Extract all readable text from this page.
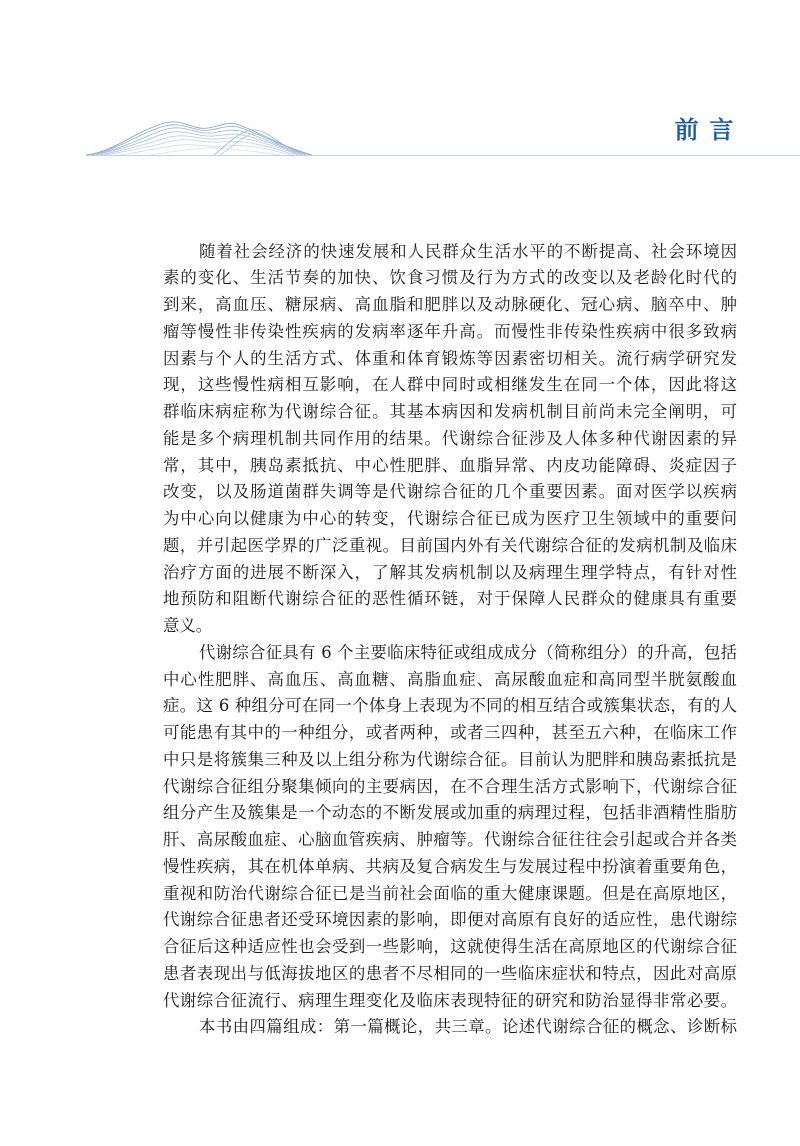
前言
随着社会经济的快速发展和人民群众生活水平的不断提高、社会环境因
素的变化、生活节奏的加快、饮食习惯及行为方式的改变以及老龄化时代的
到来，高血压、糖尿病、高血脂和肥胖以及动脉硬化、冠心病、脑卒中、肿
瘤等慢性非传染性疾病的发病率逐年升高。而慢性非传染性疾病中很多致病
因素与个人的生活方式、体重和体育锻炼等因素密切相关。流行病学研究发
现，这些慢性病相互影响，在人群中同时或相继发生在同一个体，因此将这
群临床病症称为代谢综合征。其基本病因和发病机制目前尚未完全阐明，可
能是多个病理机制共同作用的结果。代谢综合征涉及人体多种代谢因素的异
常，其中，胰岛素抵抗、中心性肥胖、血脂异常、内皮功能障碍、炎症因子
改变，以及肠道菌群失调等是代谢综合征的几个重要因素。面对医学以疾病
为中心向以健康为中心的转变，代谢综合征已成为医疗卫生领域中的重要问
题，并引起医学界的广泛重视。目前国内外有关代谢综合征的发病机制及临床
治疗方面的进展不断深入，了解其发病机制以及病理生理学特点，有针对性
地预防和阻断代谢综合征的恶性循环链，对于保障人民群众的健康具有重要
意义。
代谢综合征具有 6 个主要临床特征或组成成分（简称组分）的升高，包括
中心性肥胖、高血压、高血糖、高脂血症、高尿酸血症和高同型半胱氨酸血
症。这 6 种组分可在同一个体身上表现为不同的相互结合或簇集状态，有的人
可能患有其中的一种组分，或者两种，或者三四种，甚至五六种，在临床工作
中只是将簇集三种及以上组分称为代谢综合征。目前认为肥胖和胰岛素抵抗是
代谢综合征组分聚集倾向的主要病因，在不合理生活方式影响下，代谢综合征
组分产生及簇集是一个动态的不断发展或加重的病理过程，包括非酒精性脂肪
肝、高尿酸血症、心脑血管疾病、肿瘤等。代谢综合征往往会引起或合并各类
慢性疾病，其在机体单病、共病及复合病发生与发展过程中扮演着重要角色，
重视和防治代谢综合征已是当前社会面临的重大健康课题。但是在高原地区，
代谢综合征患者还受环境因素的影响，即便对高原有良好的适应性，患代谢综
合征后这种适应性也会受到一些影响，这就使得生活在高原地区的代谢综合征
患者表现出与低海拔地区的患者不尽相同的一些临床症状和特点，因此对高原
代谢综合征流行、病理生理变化及临床表现特征的研究和防治显得非常必要。
本书由四篇组成：第一篇概论，共三章。论述代谢综合征的概念、诊断标
